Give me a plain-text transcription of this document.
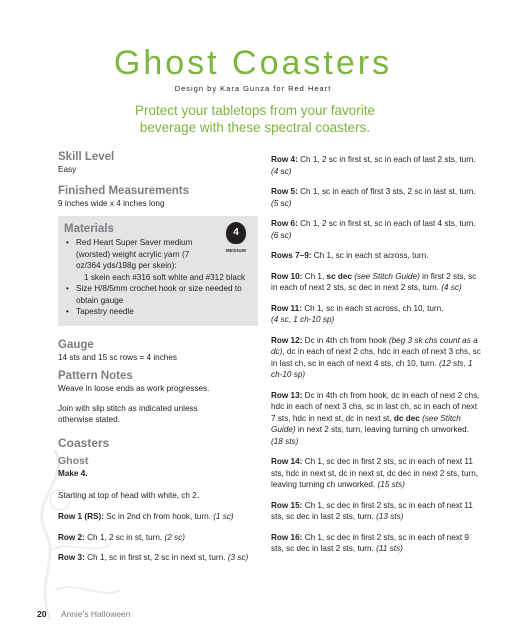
Ghost Coasters
Design by Kara Gunza for Red Heart
Protect your tabletops from your favorite beverage with these spectral coasters.
Skill Level

Easy

Finished Measurements

9 inches wide x 4 inches long

Materials	4
MEDIUM
• Red Heart Super Saver medium (worsted) weight acrylic yarn (7 oz/364 yds/198g per skein):
1 skein each #316 soft white and #312 black
• Size H/8/5mm crochet hook or size needed to obtain gauge
• Tapestry needle
Gauge

14 sts and 15 sc rows = 4 inches

Pattern Notes

Weave in loose ends as work progresses.

Join with slip stitch as indicated unless otherwise stated.

Coasters
Ghost

Make 4.

Starting at top of head with white, ch 2.

Row 1 (RS): Sc in 2nd ch from hook, turn. (1 sc)

Row 2: Ch 1, 2 sc in st, turn. (2 sc)

Row 3: Ch 1, sc in first st, 2 sc in next st, turn. (3 sc)

Row 4: Ch 1, 2 sc in first st, sc in each of last 2 sts, turn. (4 sc)

Row 5: Ch 1, sc in each of first 3 sts, 2 sc in last st, turn. (5 sc)

Row 6: Ch 1, 2 sc in first st, sc in each of last 4 sts, turn. (6 sc)

Rows 7–9: Ch 1, sc in each st across, turn.

Row 10: Ch 1, sc dec (see Stitch Guide) in first 2 sts, sc in each of next 2 sts, sc dec in next 2 sts, turn. (4 sc)

Row 11: Ch 1, sc in each st across, ch 10, turn.
(4 sc, 1 ch-10 sp)

Row 12: Dc in 4th ch from hook (beg 3 sk chs count as a dc), dc in each of next 2 chs, hdc in each of next 3 chs, sc in last ch, sc in each of next 4 sts, ch 10, turn. (12 sts, 1 ch-10 sp)

Row 13: Dc in 4th ch from hook, dc in each of next 2 chs, hdc in each of next 3 chs, sc in last ch, sc in each of next 7 sts, hdc in next st, dc in next st, dc dec (see Stitch Guide) in next 2 sts, turn, leaving turning ch unworked. (18 sts)

Row 14: Ch 1, sc dec in first 2 sts, sc in each of next 11 sts, hdc in next st, dc in next st, dc dec in next 2 sts, turn, leaving turning ch unworked. (15 sts)

Row 15: Ch 1, sc dec in first 2 sts, sc in each of next 11 sts, sc dec in last 2 sts, turn. (13 sts)

Row 16: Ch 1, sc dec in first 2 sts, sc in each of next 9 sts, sc dec in last 2 sts, turn. (11 sts)

20 Annie's Halloween
